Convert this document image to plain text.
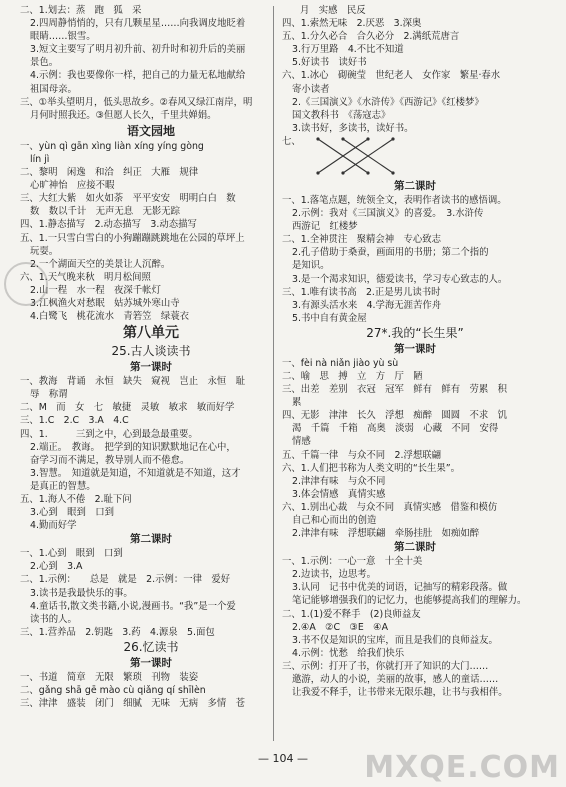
二、1.划去：蒸　跑　狐　采
2.四周静悄悄的，只有几颗星星……向我调皮地眨着
眼睛……银雪。
3.短文主要写了明月初升前、初升时和初升后的美丽
景色。
4.示例：我也要像你一样，把自己的力量无私地献给
祖国母亲。
三、①举头望明月，低头思故乡。②春风又绿江南岸，明
月何时照我还。③但愿人长久，千里共婵娟。
语文园地
一、yùn qì gān xìng liàn xíng yíng gòng
lín jì
二、黎明　闲逸　和洽　纠正　大雁　规律
心旷神怡　应接不暇
三、大红大紫　如火如荼　平平安安　明明白白　数
数　数以千计　无声无息　无影无踪
四、1.静态描写　2.动态描写　3.动态描写
五、1.一只雪白雪白的小狗蹦蹦跳跳地在公园的草坪上
玩耍。
2.一个湖面天空的美景让人沉醉。
六、1.天气晚来秋　明月松间照
2.山一程　水一程　夜深千帐灯
3.江枫渔火对愁眠　姑苏城外寒山寺
4.白鹭飞　桃花流水　青箬笠　绿蓑衣
第八单元
25.古人谈读书
第一课时
一、教海　背诵　永恒　缺失　窥视　岂止　永恒　耻
辱　称谓
二、M　而　女　七　敏捷　灵敏　敏求　敏而好学
三、1.C　2.C　3.A　4.C
四、1.　　　三到之中，心到最急最重要。
2.端正。　教诲。　把学到的知识默默地记在心中，
奋学习而不满足，教导别人而不倦怠。
3.智慧。　知道就是知道，不知道就是不知道，这才
是真正的智慧。
五、1.海人不倦　2.耻下问
3.心到　眼到　口到
4.勤而好学
第二课时
一、1.心到　眼到　口到
2.心到　3.A
二、1.示例：　　总是　就是　2.示例：一律　爱好
3.读书是我最快乐的事。
4.童话书,散文类书籍,小说,漫画书。“我”是一个爱
读书的人。
三、1.营养品　2.钥匙　3.药　4.源泉　5.面包
26.忆读书
第一课时
一、书道　简章　无限　繁琐　刊物　装姿
二、gǎng shā gē mào cù qiǎng qí shīlèn
三、津津　盛装　闭门　细腻　无味　无病　多情　苍
月　实感　民反
四、1.索然无味　2.厌恶　3.深奥
五、1.分久必合　合久必分　2.满纸荒唐言
3.行万里路　4.不比不知道
5.好读书　读好书
六、1.冰心　砌碗莹　世纪老人　女作家　繁星·春水
寄小读者
2.《三国演义》《水浒传》《西游记》《红楼梦》
国文教科书　《荡寇志》
3.读书好，多读书，读好书。
七、
第二课时
一、1.落笔点题，统领全文，表明作者读书的感悟调。
2.示例：我对《三国演义》的喜爱。　3.水浒传
西游记　红楼梦
二、1.全神贯注　聚精会神　专心致志
2.孔子借助于桑蚕，画面用的书册；第二个指的
是知识。
3.是一个渴求知识，德爱读书，学习专心致志的人。
三、1.唯有读书高　2.正是男儿读书时
3.有源头活水来　4.学海无涯苦作舟
5.书中自有黄金屋
27*.我的“长生果”
第一课时
一、fèi nà niǎn jiào yù sù
二、喻　思　搏　立　方　厅　陋
三、出差　差别　衣冠　冠军　鲜有　鲜有　劳累　积
累
四、无影　津津　长久　浮想　痴醉　圆圆　不求　饥
渴　千篇　千箱　高奥　淡弱　心藏　不同　安得
情感
五、千篇一律　与众不同　2.浮想联翩
六、1.人们把书称为人类文明的“长生果”。
2.津津有味　与众不同
3.体会情感　真情实感
六、1.别出心裁　与众不同　真情实感　借鉴和模仿
自己和心而出的创造
2.津津有味　浮想联翩　牵肠挂肚　如痴如醉
第二课时
一、1.示例：一心一意　十全十美
2.边读书，边思考。
3.认同　记书中优美的词语，记抽写的精彩段落。做
笔记能够增强我们的记忆力，也能够提高我们的理解力。
二、1.(1)爱不释手　(2)良师益友
2.④A　②C　③E　④A
3.书不仅是知识的宝库，而且是我们的良师益友。
4.示例：忧愁　给我们快乐
三、示例：打开了书，你就打开了知识的大门……
邀游，动人的小说，美丽的故事，感人的童话……
让我爱不释手，让书带来无限乐趣，让书与我相伴。
— 104 —	MXQE.COM
